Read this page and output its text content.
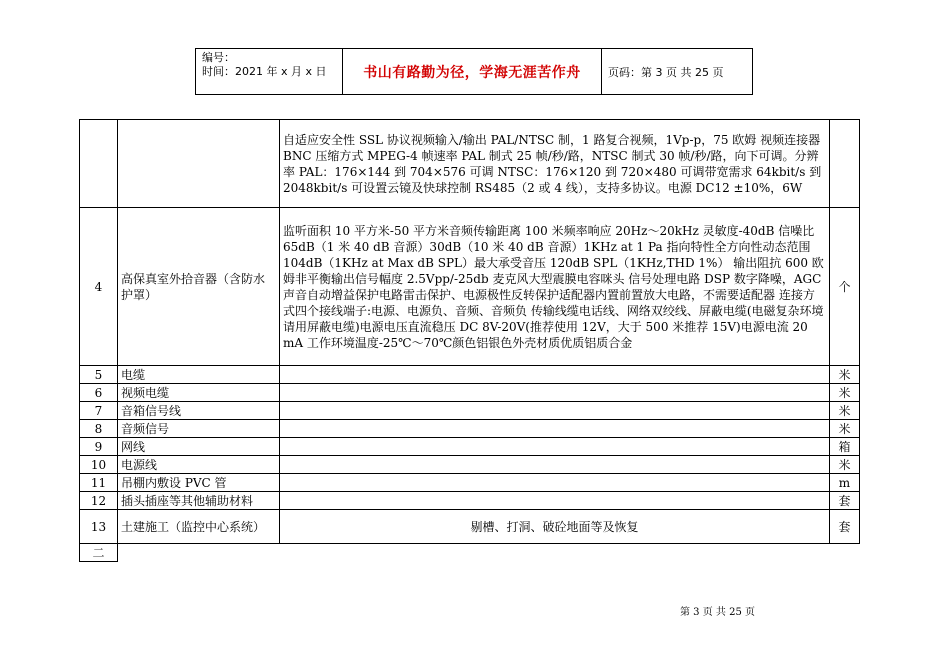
编号：
时间：2021 年 x 月 x 日	书山有路勤为径，学海无涯苦作舟	页码：第 3 页 共 25 页
		自适应安全性 SSL 协议视频输入/输出 PAL/NTSC 制，1 路复合视频，1Vp-p，75 欧姆 视频连接器 BNC 压缩方式 MPEG-4 帧速率 PAL 制式 25 帧/秒/路，NTSC 制式 30 帧/秒/路，向下可调。分辨率 PAL：176×144 到 704×576 可调 NTSC：176×120 到 720×480 可调带宽需求 64kbit/s 到 2048kbit/s 可设置云镜及快球控制 RS485（2 或 4 线），支持多协议。电源 DC12 ±10%，6W	
4	高保真室外拾音器（含防水护罩）	监听面积 10 平方米-50 平方米音频传输距离 100 米频率响应 20Hz～20kHz 灵敏度-40dB 信噪比 65dB（1 米 40 dB 音源）30dB（10 米 40 dB 音源）1KHz at 1 Pa 指向特性全方向性动态范围 104dB（1KHz at Max dB SPL）最大承受音压 120dB SPL（1KHz,THD 1%） 输出阻抗 600 欧姆非平衡输出信号幅度 2.5Vpp/-25db 麦克风大型震膜电容咪头 信号处理电路 DSP 数字降噪，AGC 声音自动增益保护电路雷击保护、电源极性反转保护适配器内置前置放大电路，不需要适配器 连接方式四个接线端子:电源、电源负、音频、音频负 传输线缆电话线、网络双绞线、屏蔽电缆(电磁复杂环境请用屏蔽电缆)电源电压直流稳压 DC 8V-20V(推荐使用 12V，大于 500 米推荐 15V)电源电流 20 mA 工作环境温度-25℃～70℃颜色铝银色外壳材质优质铝质合金	个
5	电缆		米
6	视频电缆		米
7	音箱信号线		米
8	音频信号		米
9	网线		箱
10	电源线		米
11	吊棚内敷设 PVC 管		m
12	插头插座等其他辅助材料		套
13	土建施工（监控中心系统）	剔槽、打洞、破砼地面等及恢复	套
二			
第 3 页 共 25 页
